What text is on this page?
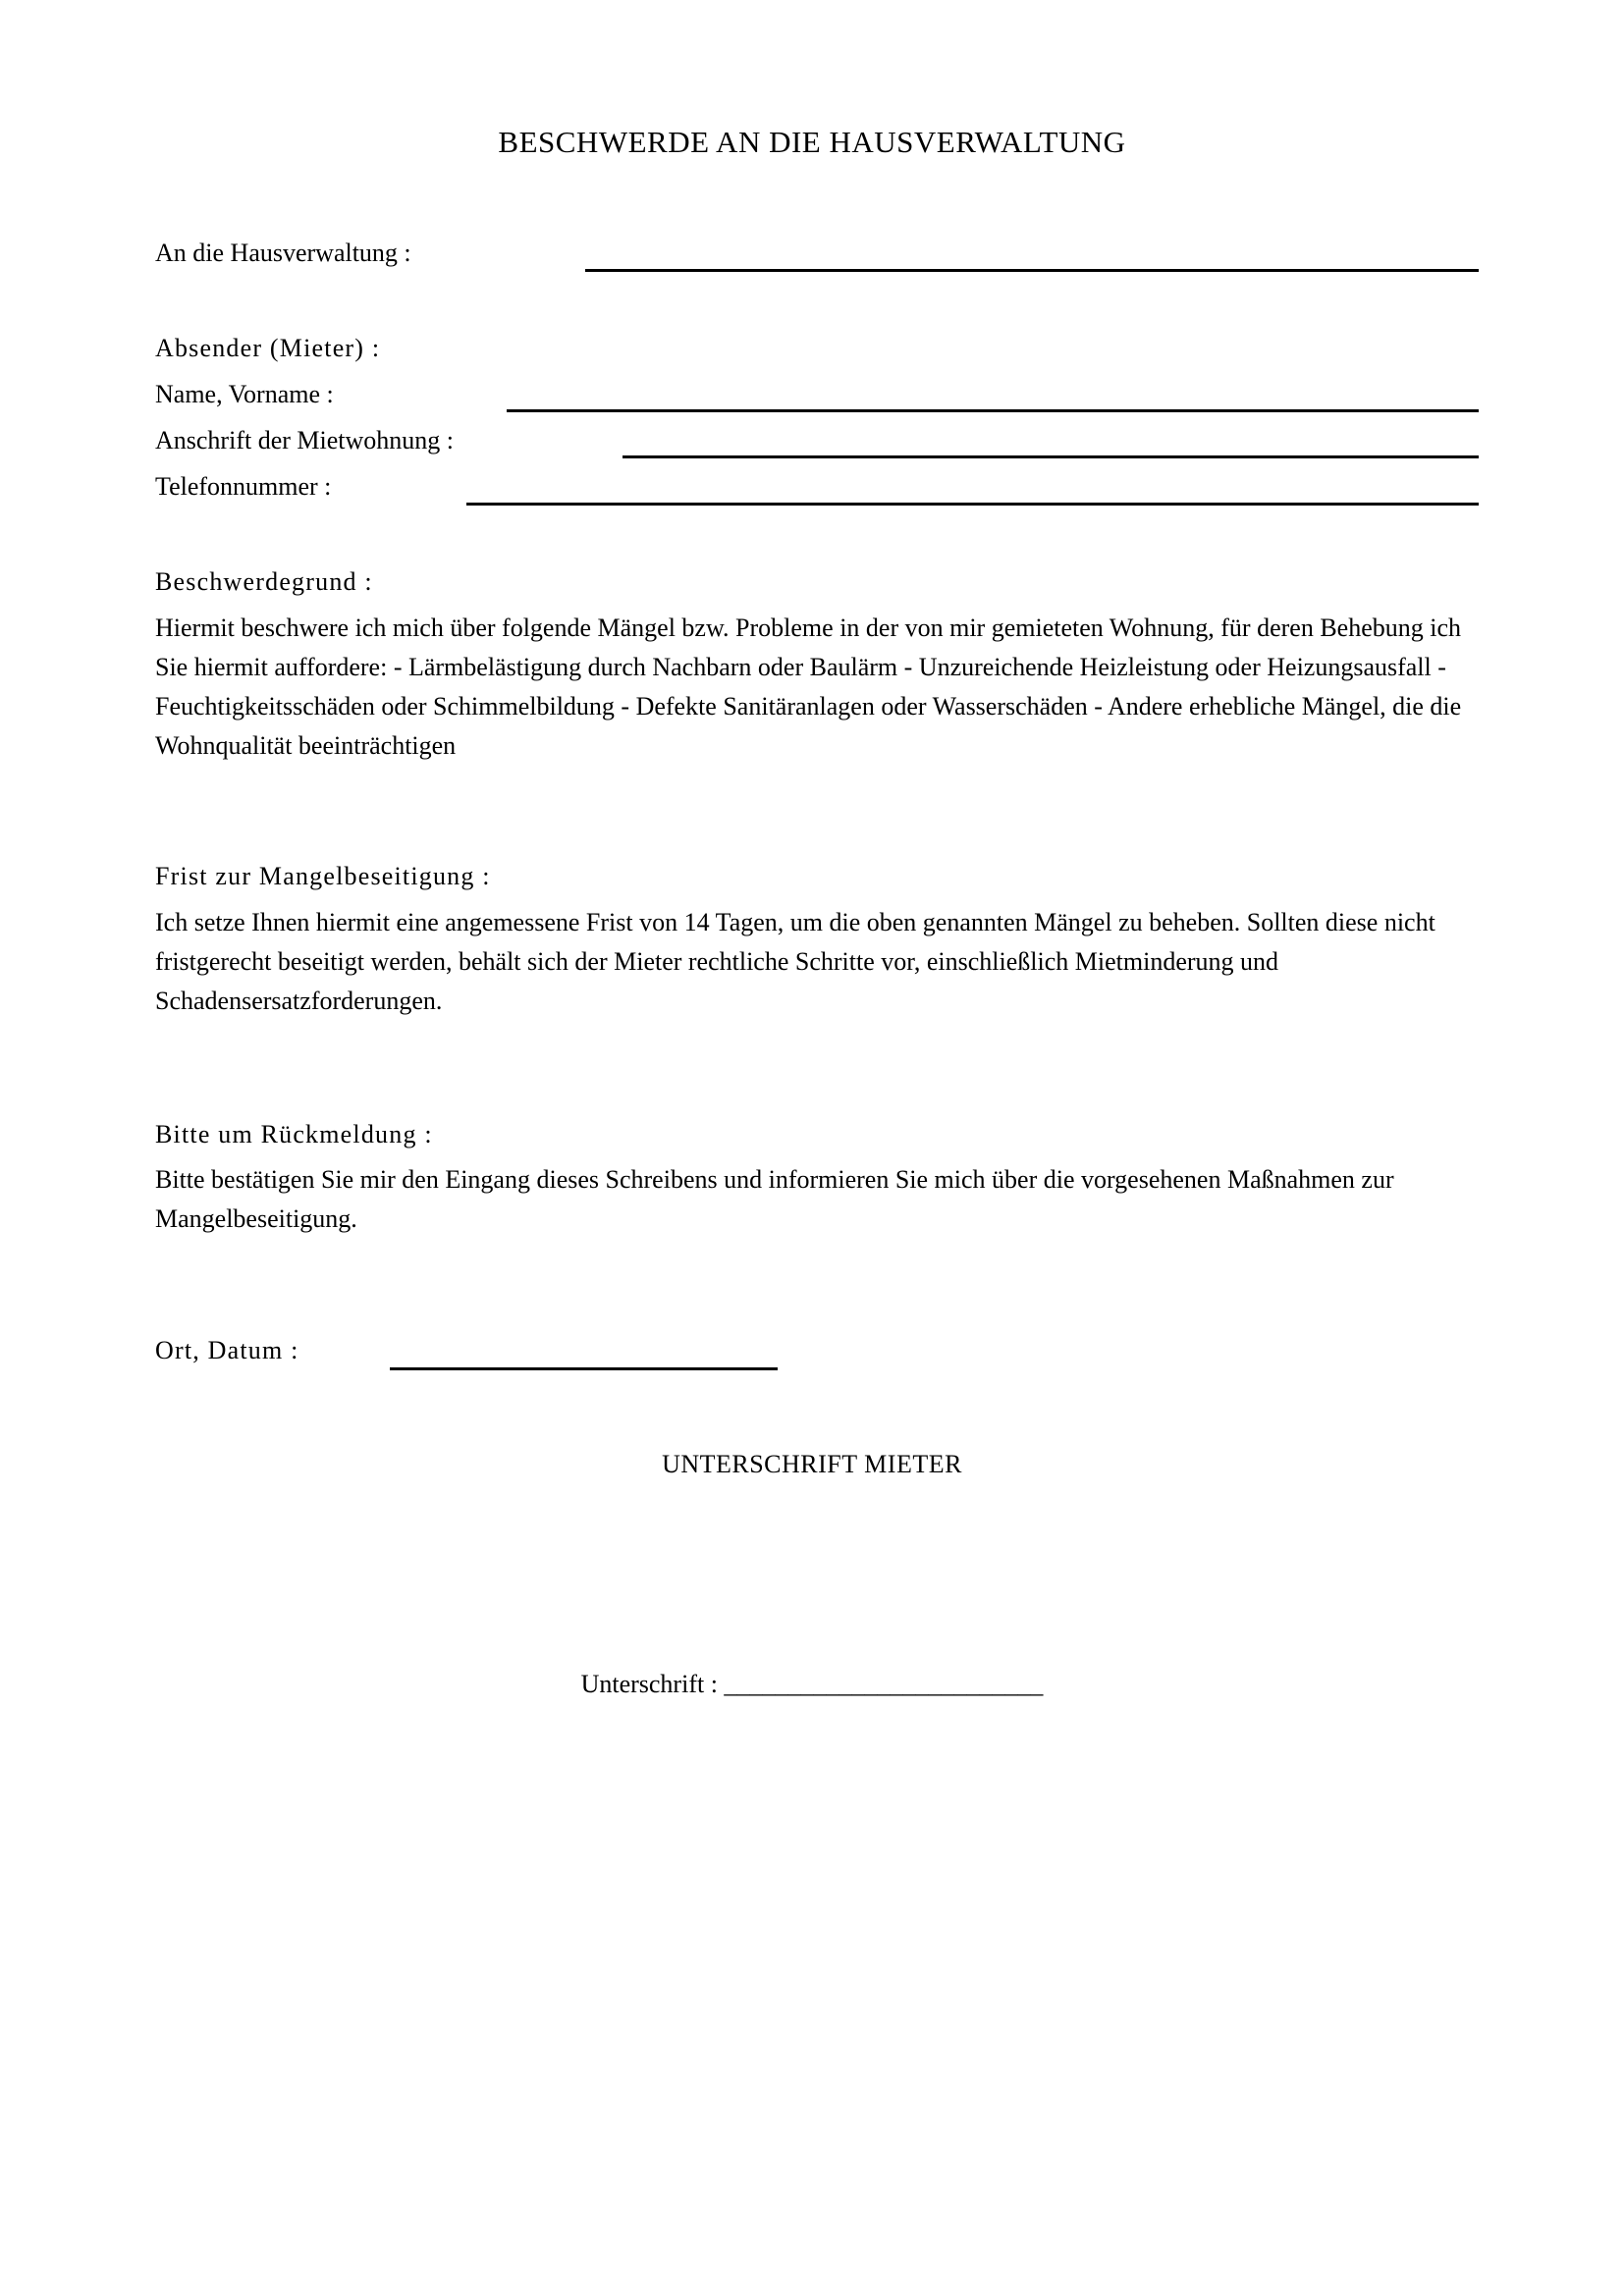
BESCHWERDE AN DIE HAUSVERWALTUNG
An die Hausverwaltung :
Absender (Mieter) :
Name, Vorname :
Anschrift der Mietwohnung :
Telefonnummer :
Beschwerdegrund :
Hiermit beschwere ich mich über folgende Mängel bzw. Probleme in der von mir gemieteten Wohnung, für deren Behebung ich Sie hiermit auffordere: - Lärmbelästigung durch Nachbarn oder Baulärm - Unzureichende Heizleistung oder Heizungsausfall - Feuchtigkeitsschäden oder Schimmelbildung - Defekte Sanitäranlagen oder Wasserschäden - Andere erhebliche Mängel, die die Wohnqualität beeinträchtigen
Frist zur Mangelbeseitigung :
Ich setze Ihnen hiermit eine angemessene Frist von 14 Tagen, um die oben genannten Mängel zu beheben. Sollten diese nicht fristgerecht beseitigt werden, behält sich der Mieter rechtliche Schritte vor, einschließlich Mietminderung und Schadensersatzforderungen.
Bitte um Rückmeldung :
Bitte bestätigen Sie mir den Eingang dieses Schreibens und informieren Sie mich über die vorgesehenen Maßnahmen zur Mangelbeseitigung.
Ort, Datum :
UNTERSCHRIFT MIETER
Unterschrift : _________________________
